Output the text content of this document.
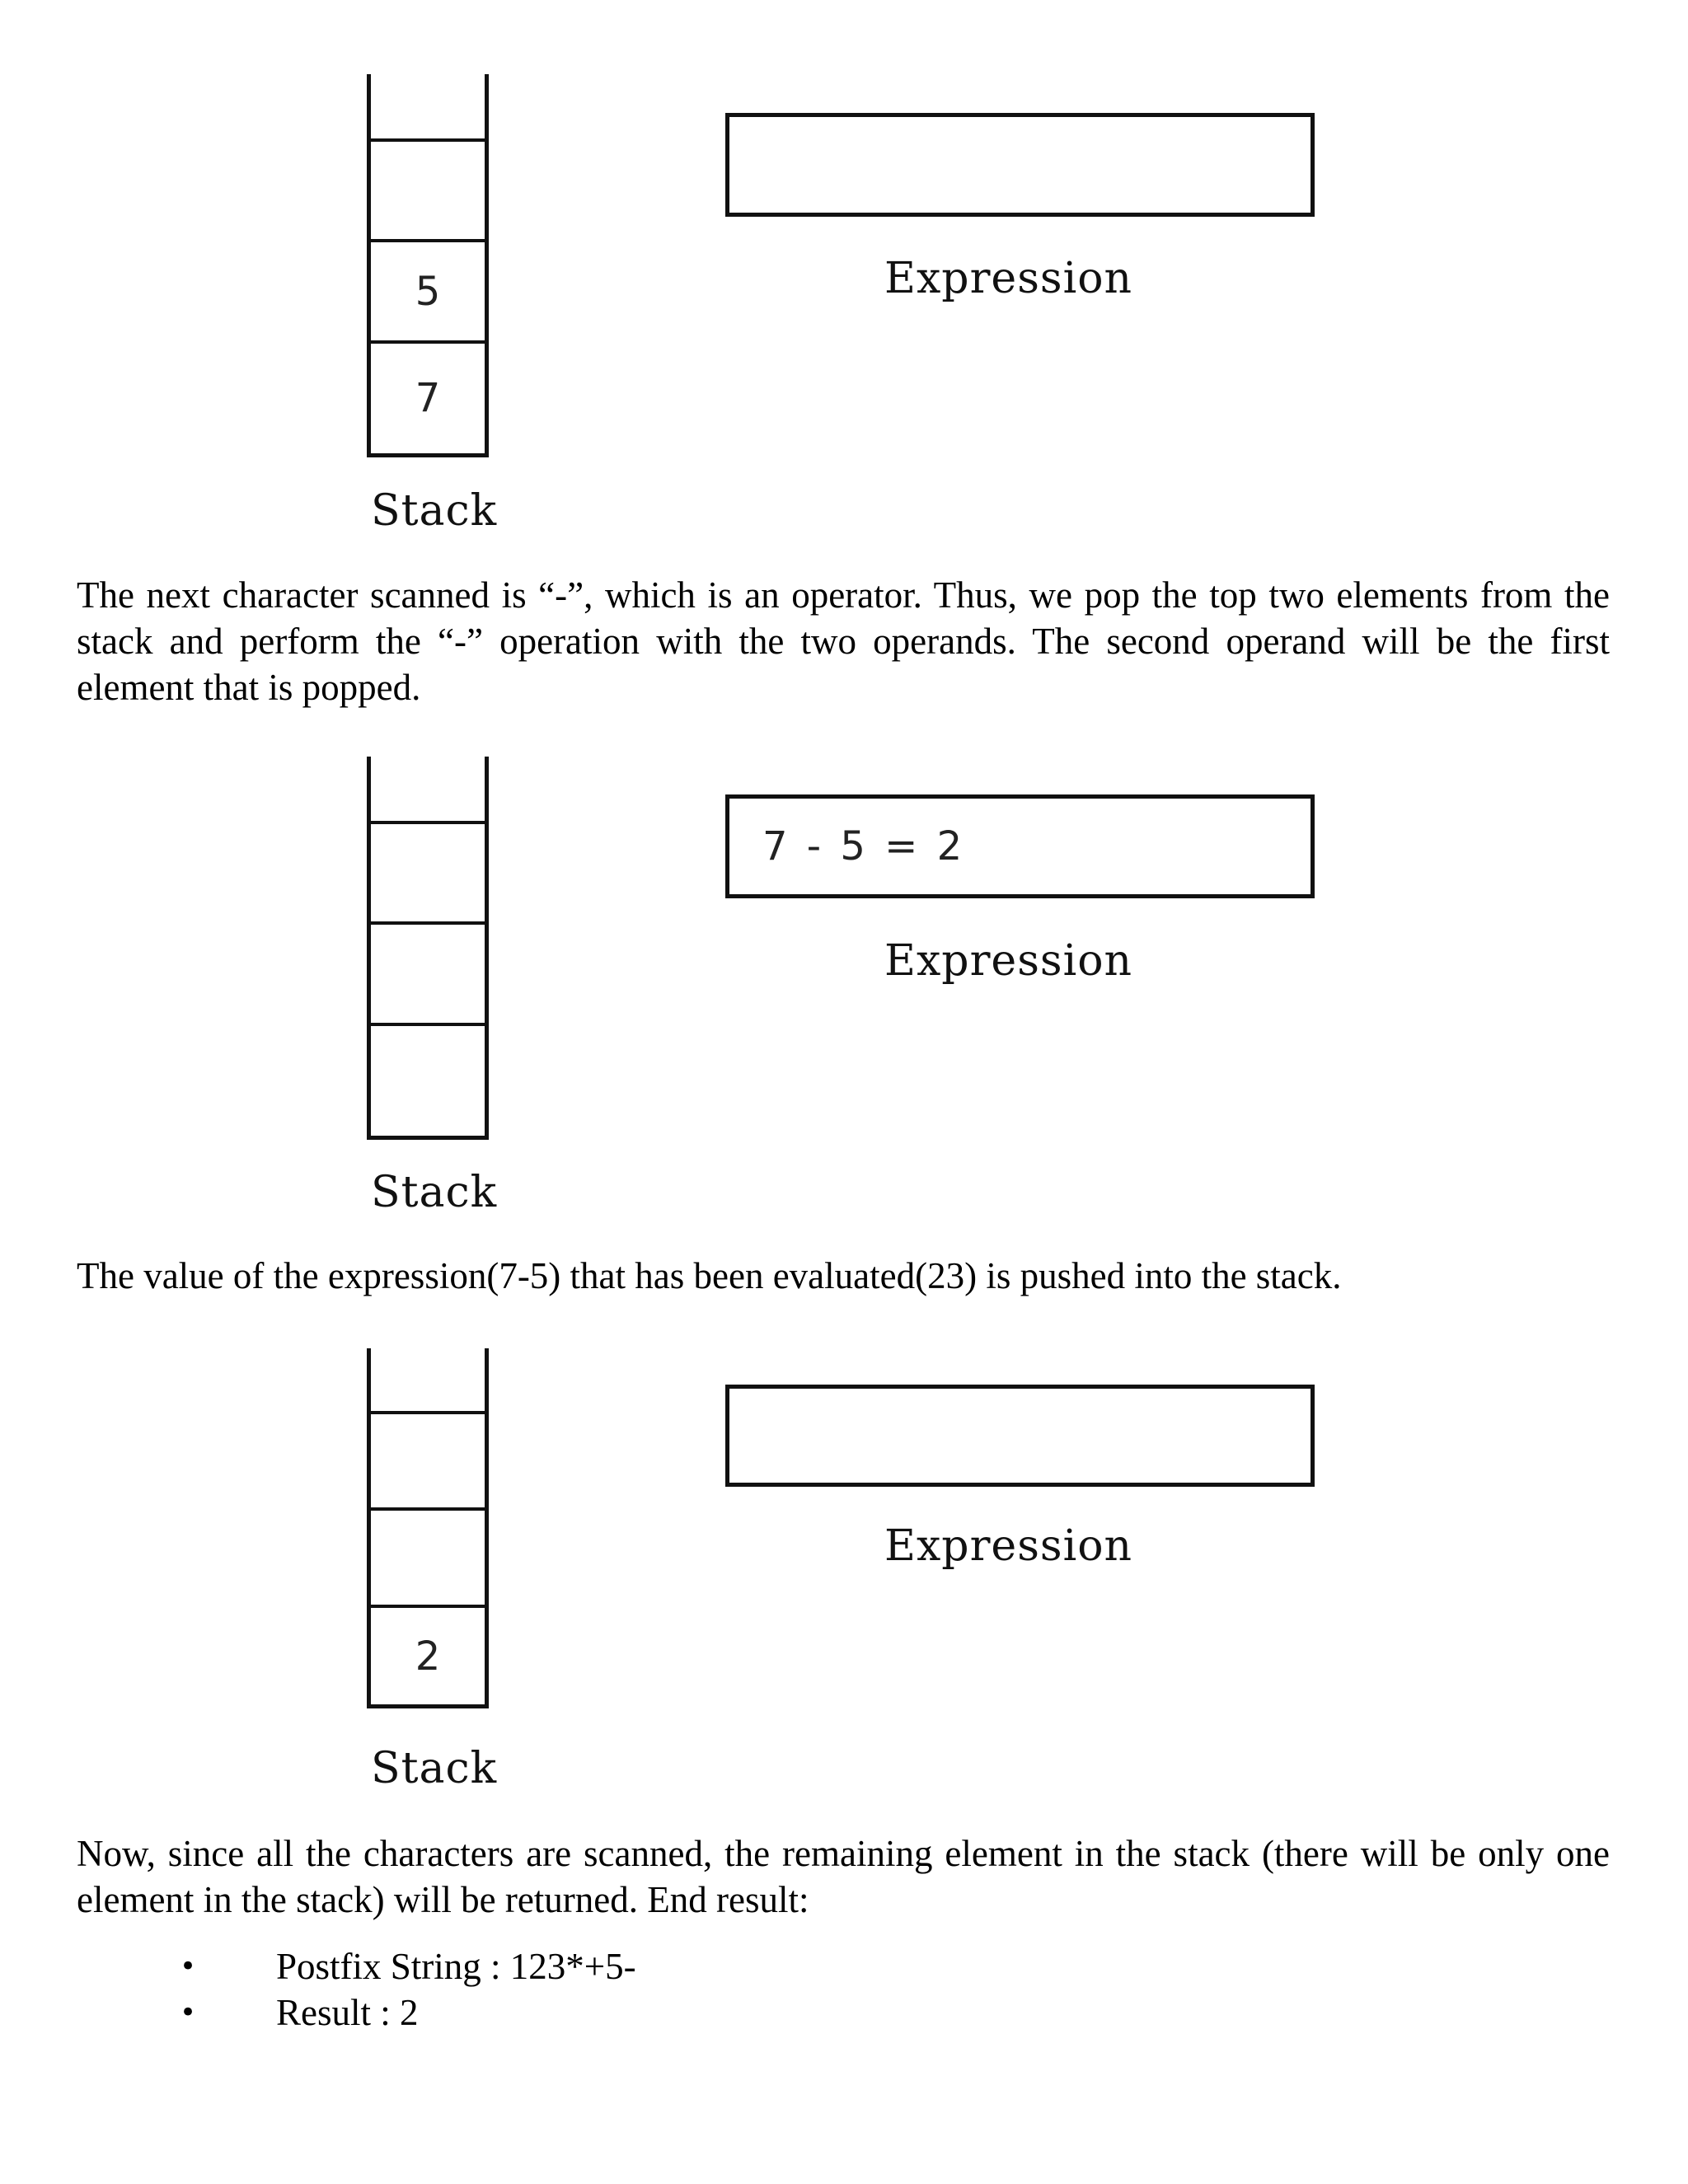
5
7
Stack
Expression
The next character scanned is “-”, which is an operator. Thus, we pop the top two elements from the stack and perform the “-” operation with the two operands. The second operand will be the first element that is popped.
Stack
7 - 5 = 2
Expression
The value of the expression(7-5) that has been evaluated(23) is pushed into the stack.
2
Stack
Expression
Now, since all the characters are scanned, the remaining element in the stack (there will be only one element in the stack) will be returned. End result:
• Postfix String : 123*+5-
• Result : 2
